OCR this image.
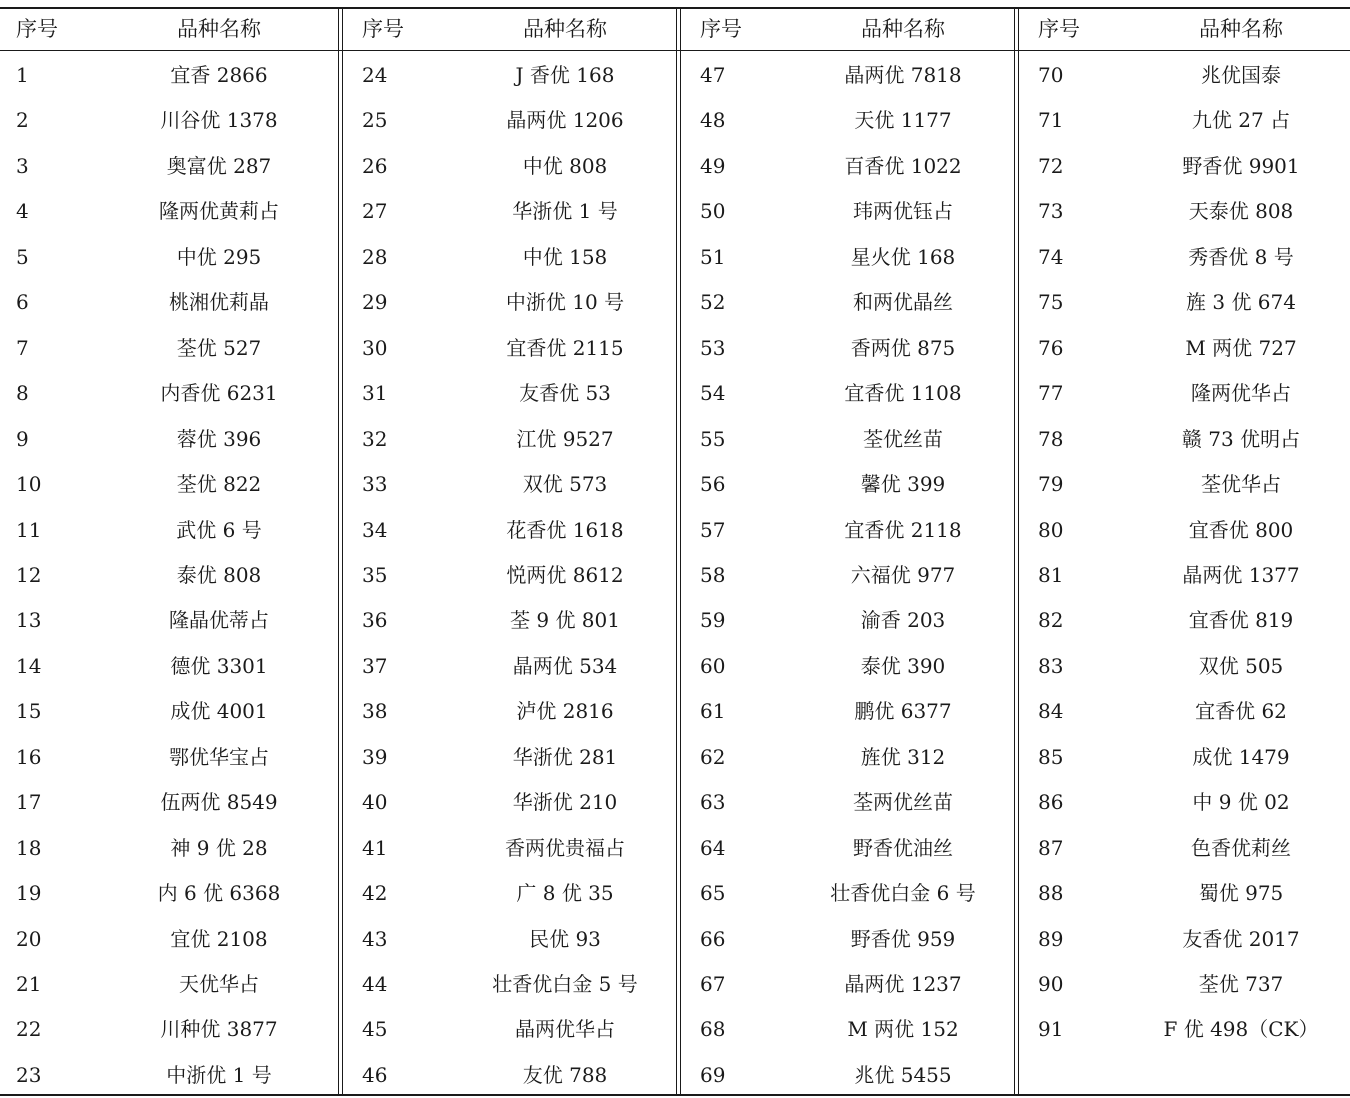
序号	品种名称
1	宜香 2866
2	川谷优 1378
3	奥富优 287
4	隆两优黄莉占
5	中优 295
6	桃湘优莉晶
7	荃优 527
8	内香优 6231
9	蓉优 396
10	荃优 822
11	武优 6 号
12	泰优 808
13	隆晶优蒂占
14	德优 3301
15	成优 4001
16	鄂优华宝占
17	伍两优 8549
18	神 9 优 28
19	内 6 优 6368
20	宜优 2108
21	天优华占
22	川种优 3877
23	中浙优 1 号
序号	品种名称
24	J 香优 168
25	晶两优 1206
26	中优 808
27	华浙优 1 号
28	中优 158
29	中浙优 10 号
30	宜香优 2115
31	友香优 53
32	江优 9527
33	双优 573
34	花香优 1618
35	悦两优 8612
36	荃 9 优 801
37	晶两优 534
38	泸优 2816
39	华浙优 281
40	华浙优 210
41	香两优贵福占
42	广 8 优 35
43	民优 93
44	壮香优白金 5 号
45	晶两优华占
46	友优 788
序号	品种名称
47	晶两优 7818
48	天优 1177
49	百香优 1022
50	玮两优钰占
51	星火优 168
52	和两优晶丝
53	香两优 875
54	宜香优 1108
55	荃优丝苗
56	馨优 399
57	宜香优 2118
58	六福优 977
59	渝香 203
60	泰优 390
61	鹏优 6377
62	旌优 312
63	荃两优丝苗
64	野香优油丝
65	壮香优白金 6 号
66	野香优 959
67	晶两优 1237
68	M 两优 152
69	兆优 5455
序号	品种名称
70	兆优国泰
71	九优 27 占
72	野香优 9901
73	天泰优 808
74	秀香优 8 号
75	旌 3 优 674
76	M 两优 727
77	隆两优华占
78	赣 73 优明占
79	荃优华占
80	宜香优 800
81	晶两优 1377
82	宜香优 819
83	双优 505
84	宜香优 62
85	成优 1479
86	中 9 优 02
87	色香优莉丝
88	蜀优 975
89	友香优 2017
90	荃优 737
91	F 优 498（CK）
